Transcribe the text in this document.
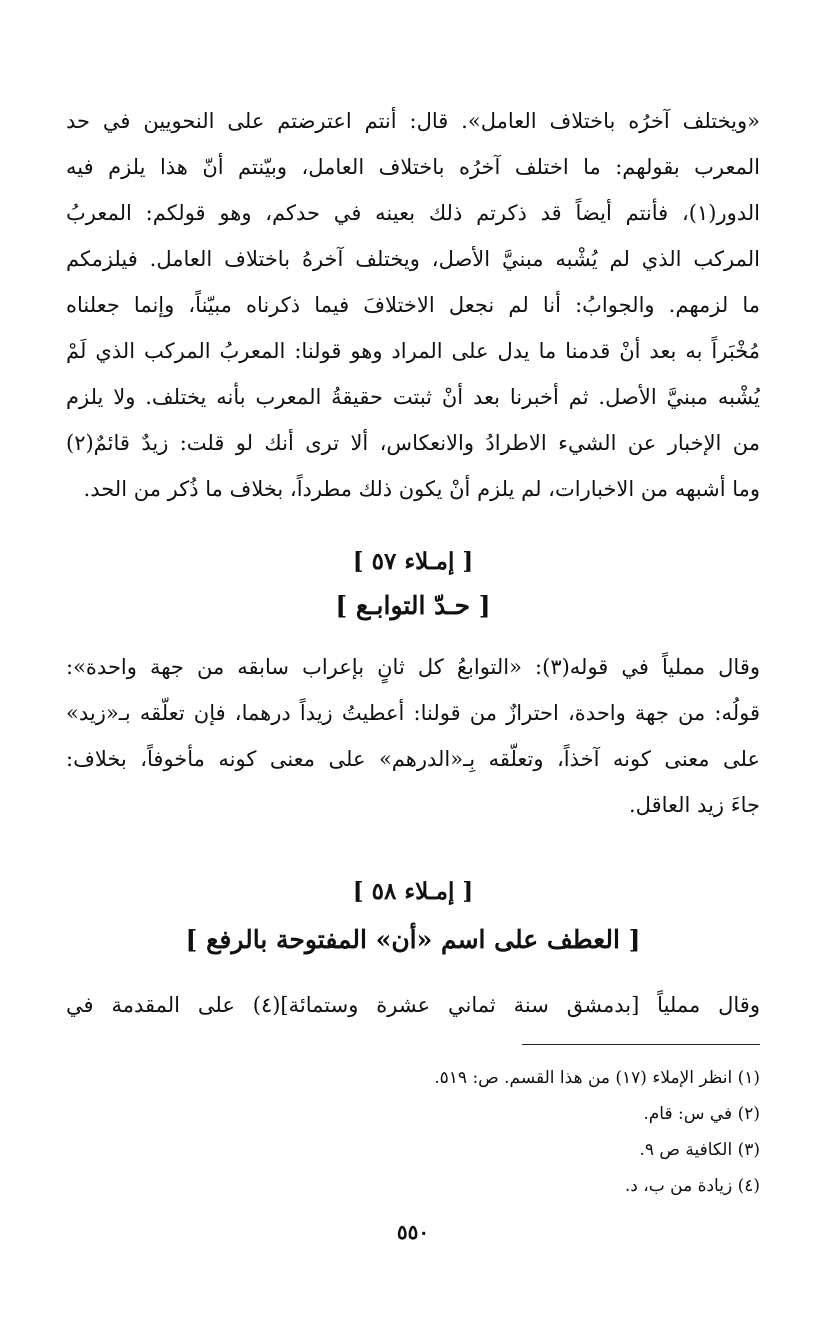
«ويختلف آخرُه باختلاف العامل». قال: أنتم اعترضتم على النحويين في حد
المعرب بقولهم: ما اختلف آخرُه باختلاف العامل، وبيّنتم أنّ هذا يلزم فيه
الدور(١)، فأنتم أيضاً قد ذكرتم ذلك بعينه في حدكم، وهو قولكم: المعربُ
المركب الذي لم يُشْبه مبنيَّ الأصل، ويختلف آخرهُ باختلاف العامل. فيلزمكم
ما لزمهم. والجوابُ: أنا لم نجعل الاختلافَ فيما ذكرناه مبيّناً، وإنما جعلناه
مُخْبَراً به بعد أنْ قدمنا ما يدل على المراد وهو قولنا: المعربُ المركب الذي لَمْ
يُشْبه مبنيَّ الأصل. ثم أخبرنا بعد أنْ ثبتت حقيقةُ المعرب بأنه يختلف. ولا يلزم
من الإخبار عن الشيء الاطرادُ والانعكاس، ألا ترى أنك لو قلت: زيدٌ قائمٌ(٢)
وما أشبهه من الاخبارات، لم يلزم أنْ يكون ذلك مطرداً، بخلاف ما ذُكر من الحد.
[ إمـلاء ٥٧ ]
[ حـدّ التوابـع ]
وقال مملياً في قوله(٣): «التوابعُ كل ثانٍ بإعراب سابقه من جهة واحدة»:
قولُه: من جهة واحدة، احترازٌ من قولنا: أعطيتُ زيداً درهما، فإن تعلّقه بـ«زيد»
على معنى كونه آخذاً، وتعلّقه بِـ«الدرهم» على معنى كونه مأخوفاً، بخلاف:
جاءَ زيد العاقل.
[ إمـلاء ٥٨ ]
[ العطف على اسم «أن» المفتوحة بالرفع ]
وقال مملياً [بدمشق سنة ثماني عشرة وستمائة](٤) على المقدمة في
(١) انظر الإملاء (١٧) من هذا القسم. ص: ٥١٩.
(٢) في س: قام.
(٣) الكافية ص ٩.
(٤) زيادة من ب، د.
٥٥٠
